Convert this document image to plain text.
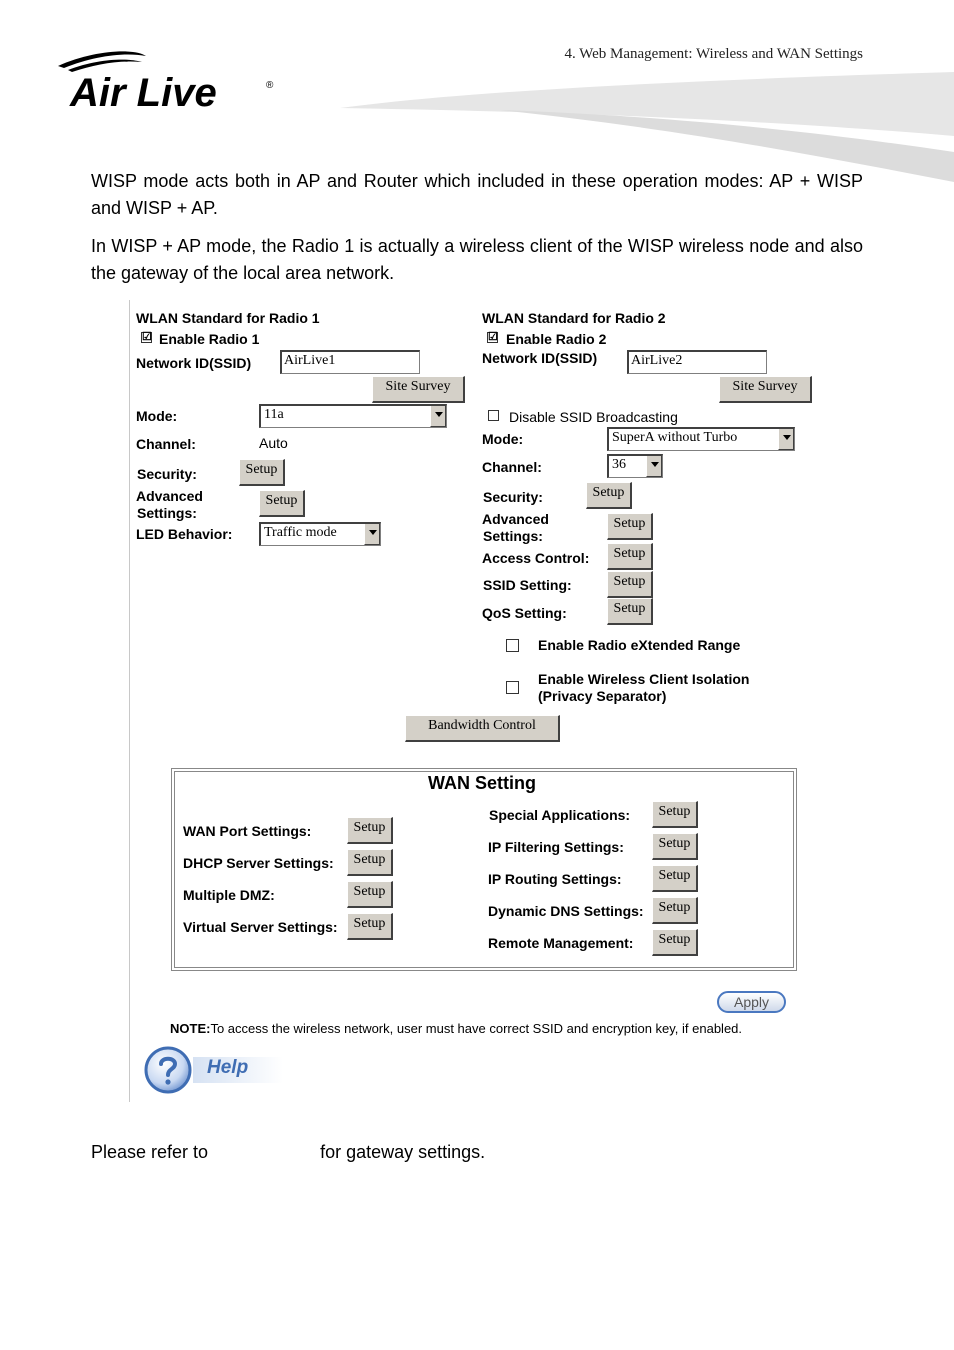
4. Web Management: Wireless and WAN Settings
Air Live	®

WISP mode acts both in AP and Router which included in these operation modes: AP + WISP and WISP + AP.

In WISP + AP mode, the Radio 1 is actually a wireless client of the WISP wireless node and also the gateway of the local area network.

WLAN Standard for Radio 1
☑ Enable Radio 1
Network ID(SSID) AirLive1
Site Survey
Mode:	11a
Channel:	Auto
Security:	Setup
Advanced
Settings:
Setup
LED Behavior:	Traffic mode
WLAN Standard for Radio 2
☑ Enable Radio 2
Network ID(SSID) AirLive2
Site Survey
Disable SSID Broadcasting
Mode:	SuperA without Turbo
Channel:	36
Security:	Setup
Advanced
Settings:
Setup
Access Control:	Setup
SSID Setting:	Setup
QoS Setting:	Setup
Enable Radio eXtended Range
Enable Wireless Client Isolation
(Privacy Separator)
Bandwidth Control
WAN Setting
WAN Port Settings:	Setup
DHCP Server Settings:	Setup
Multiple DMZ:	Setup
Virtual Server Settings:	Setup
Special Applications:	Setup
IP Filtering Settings:	Setup
IP Routing Settings:	Setup
Dynamic DNS Settings:	Setup
Remote Management:	Setup
Apply
NOTE:To access the wireless network, user must have correct SSID and encryption key, if enabled.
Help
Please refer to	for gateway settings.
